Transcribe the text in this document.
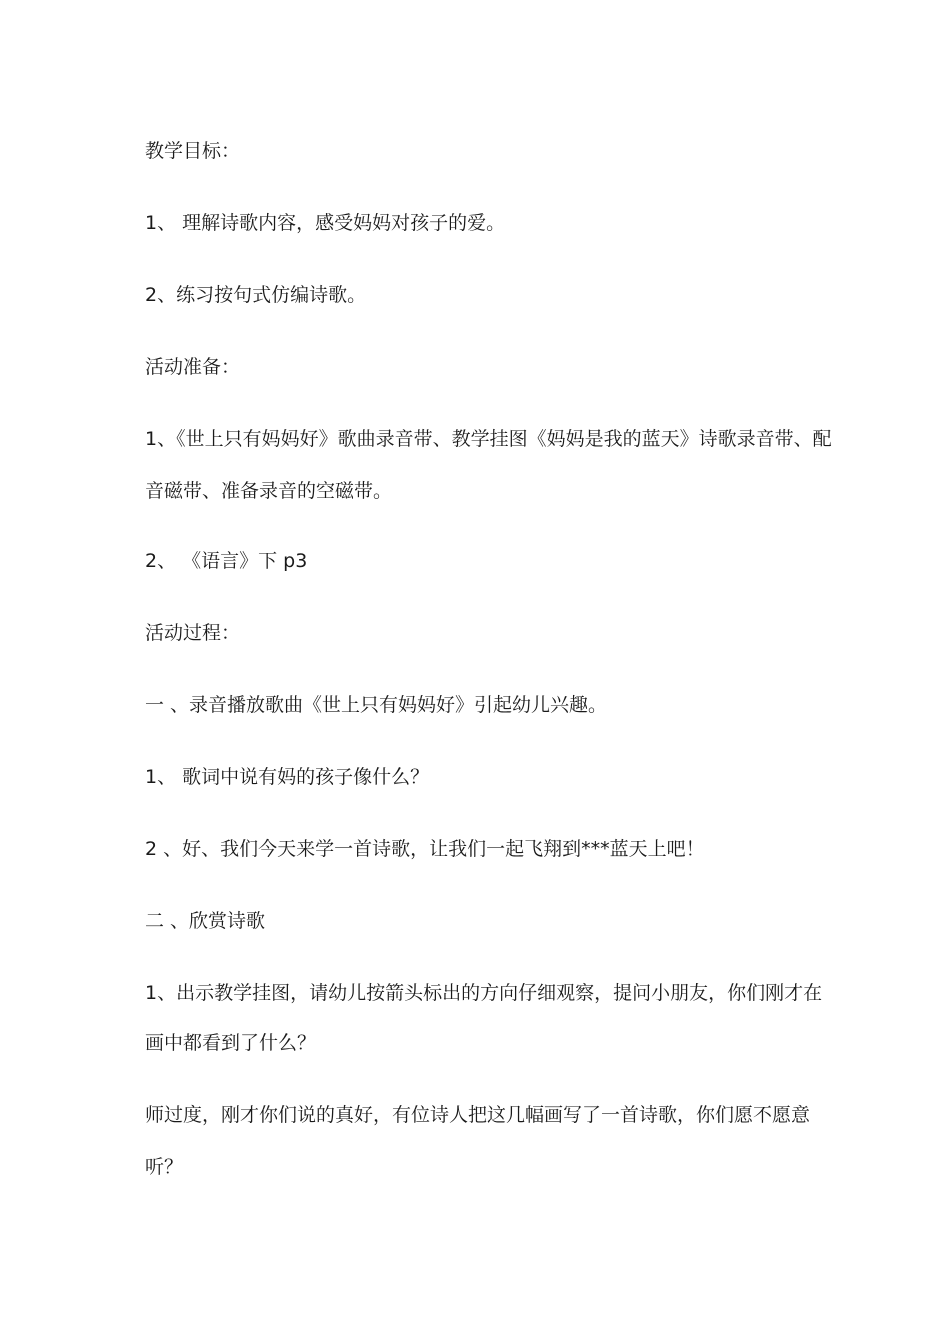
教学目标：

1、 理解诗歌内容，感受妈妈对孩子的爱。

2、练习按句式仿编诗歌。

活动准备：

1、《世上只有妈妈好》歌曲录音带、教学挂图《妈妈是我的蓝天》诗歌录音带、配

音磁带、准备录音的空磁带。

2、 《语言》下 p3

活动过程：

一 、录音播放歌曲《世上只有妈妈好》引起幼儿兴趣。

1、 歌词中说有妈的孩子像什么？

2 、好、我们今天来学一首诗歌，让我们一起飞翔到***蓝天上吧！

二 、欣赏诗歌

1、出示教学挂图，请幼儿按箭头标出的方向仔细观察，提问小朋友，你们刚才在

画中都看到了什么？

师过度，刚才你们说的真好，有位诗人把这几幅画写了一首诗歌，你们愿不愿意

听？
